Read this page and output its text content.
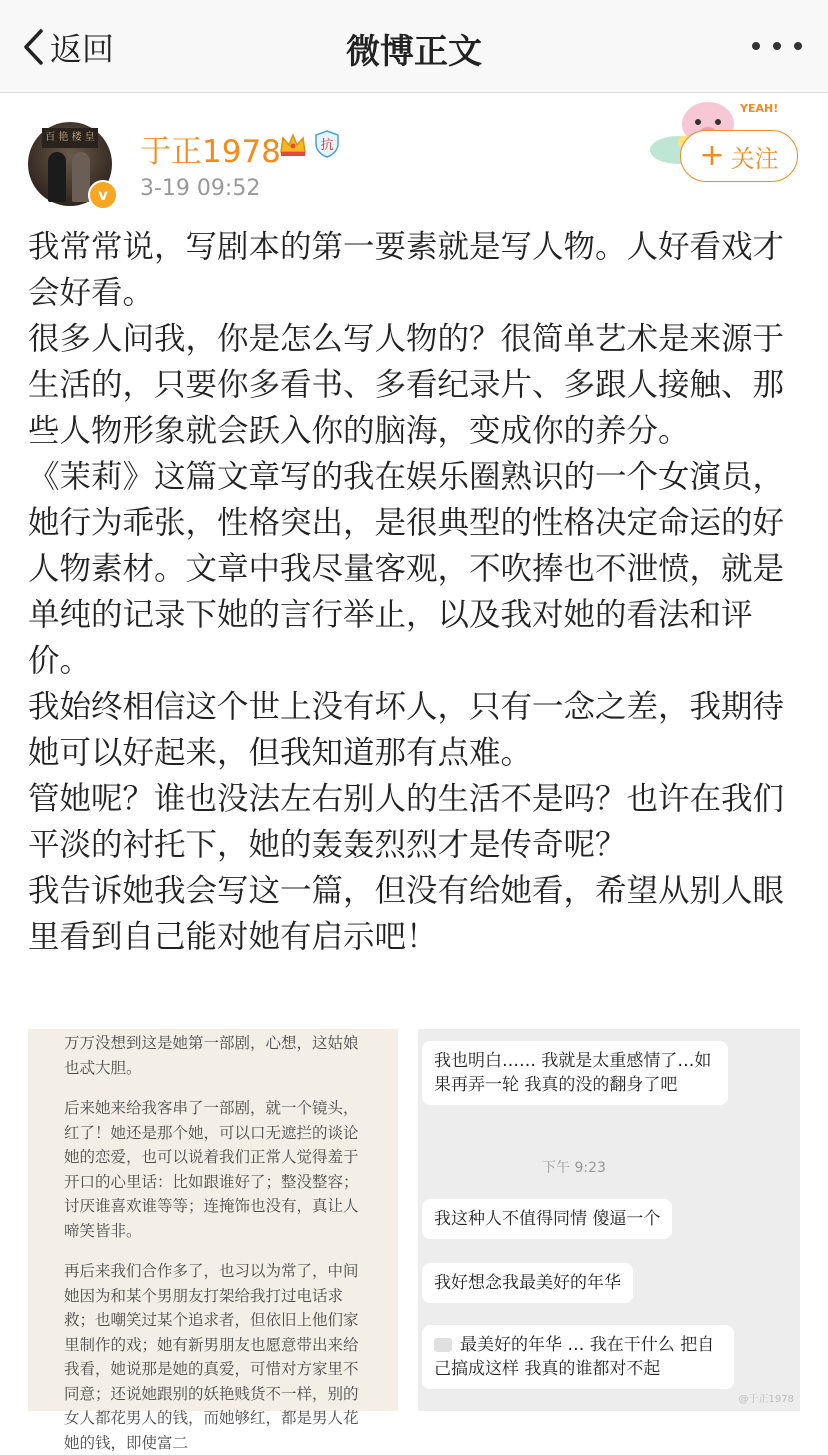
返回	微博正文
百 艳 楼 皇
v
于正1978	抗
3-19 09:52
YEAH!
+ 关注

我常常说，写剧本的第一要素就是写人物。人好看戏才会好看。

很多人问我，你是怎么写人物的？很简单艺术是来源于生活的，只要你多看书、多看纪录片、多跟人接触、那些人物形象就会跃入你的脑海，变成你的养分。

《茉莉》这篇文章写的我在娱乐圈熟识的一个女演员，她行为乖张，性格突出，是很典型的性格决定命运的好人物素材。文章中我尽量客观，不吹捧也不泄愤，就是单纯的记录下她的言行举止，以及我对她的看法和评价。

我始终相信这个世上没有坏人，只有一念之差，我期待她可以好起来，但我知道那有点难。

管她呢？谁也没法左右别人的生活不是吗？也许在我们平淡的衬托下，她的轰轰烈烈才是传奇呢？

我告诉她我会写这一篇，但没有给她看，希望从别人眼里看到自己能对她有启示吧！

万万没想到这是她第一部剧，心想，这姑娘也忒大胆。

后来她来给我客串了一部剧，就一个镜头，红了！她还是那个她，可以口无遮拦的谈论她的恋爱，也可以说着我们正常人觉得羞于开口的心里话：比如跟谁好了；整没整容；讨厌谁喜欢谁等等；连掩饰也没有，真让人啼笑皆非。

再后来我们合作多了，也习以为常了，中间她因为和某个男朋友打架给我打过电话求救；也嘲笑过某个追求者，但依旧上他们家里制作的戏；她有新男朋友也愿意带出来给我看，她说那是她的真爱，可惜对方家里不同意；还说她跟别的妖艳贱货不一样，别的女人都花男人的钱，而她够红，都是男人花她的钱，即使富二

我也明白…… 我就是太重感情了…如果再弄一轮 我真的没的翻身了吧
下午 9:23
我这种人不值得同情 傻逼一个
我好想念我最美好的年华
最美好的年华 … 我在干什么 把自己搞成这样 我真的谁都对不起
@于正1978
